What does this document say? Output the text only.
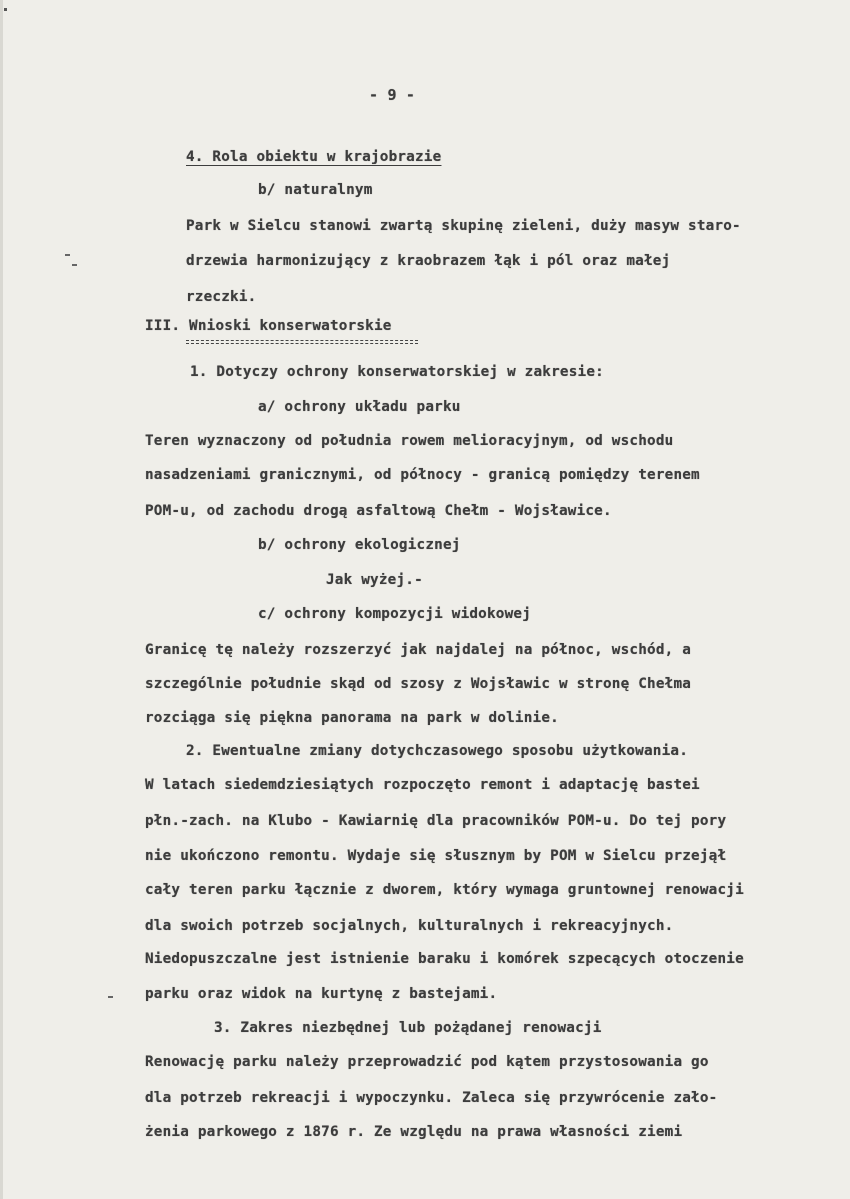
- 9 -
4. Rola obiektu w krajobrazie
b/ naturalnym
Park w Sielcu stanowi zwartą skupinę zieleni, duży masyw staro-
drzewia harmonizujący z kraobrazem łąk i pól oraz małej
rzeczki.
III. Wnioski konserwatorskie
1. Dotyczy ochrony konserwatorskiej w zakresie:
a/ ochrony układu parku
Teren wyznaczony od południa rowem melioracyjnym, od wschodu
nasadzeniami granicznymi, od północy - granicą pomiędzy terenem
POM-u, od zachodu drogą asfaltową Chełm - Wojsławice.
b/ ochrony ekologicznej
Jak wyżej.-
c/ ochrony kompozycji widokowej
Granicę tę należy rozszerzyć jak najdalej na północ, wschód, a
szczególnie południe skąd od szosy z Wojsławic w stronę Chełma
rozciąga się piękna panorama na park w dolinie.
2. Ewentualne zmiany dotychczasowego sposobu użytkowania.
W latach siedemdziesiątych rozpoczęto remont i adaptację bastei
płn.-zach. na Klubo - Kawiarnię dla pracowników POM-u. Do tej pory
nie ukończono remontu. Wydaje się słusznym by POM w Sielcu przejął
cały teren parku łącznie z dworem, który wymaga gruntownej renowacji
dla swoich potrzeb socjalnych, kulturalnych i rekreacyjnych.
Niedopuszczalne jest istnienie baraku i komórek szpecących otoczenie
parku oraz widok na kurtynę z bastejami.
3. Zakres niezbędnej lub pożądanej renowacji
Renowację parku należy przeprowadzić pod kątem przystosowania go
dla potrzeb rekreacji i wypoczynku. Zaleca się przywrócenie zało-
żenia parkowego z 1876 r. Ze względu na prawa własności ziemi
